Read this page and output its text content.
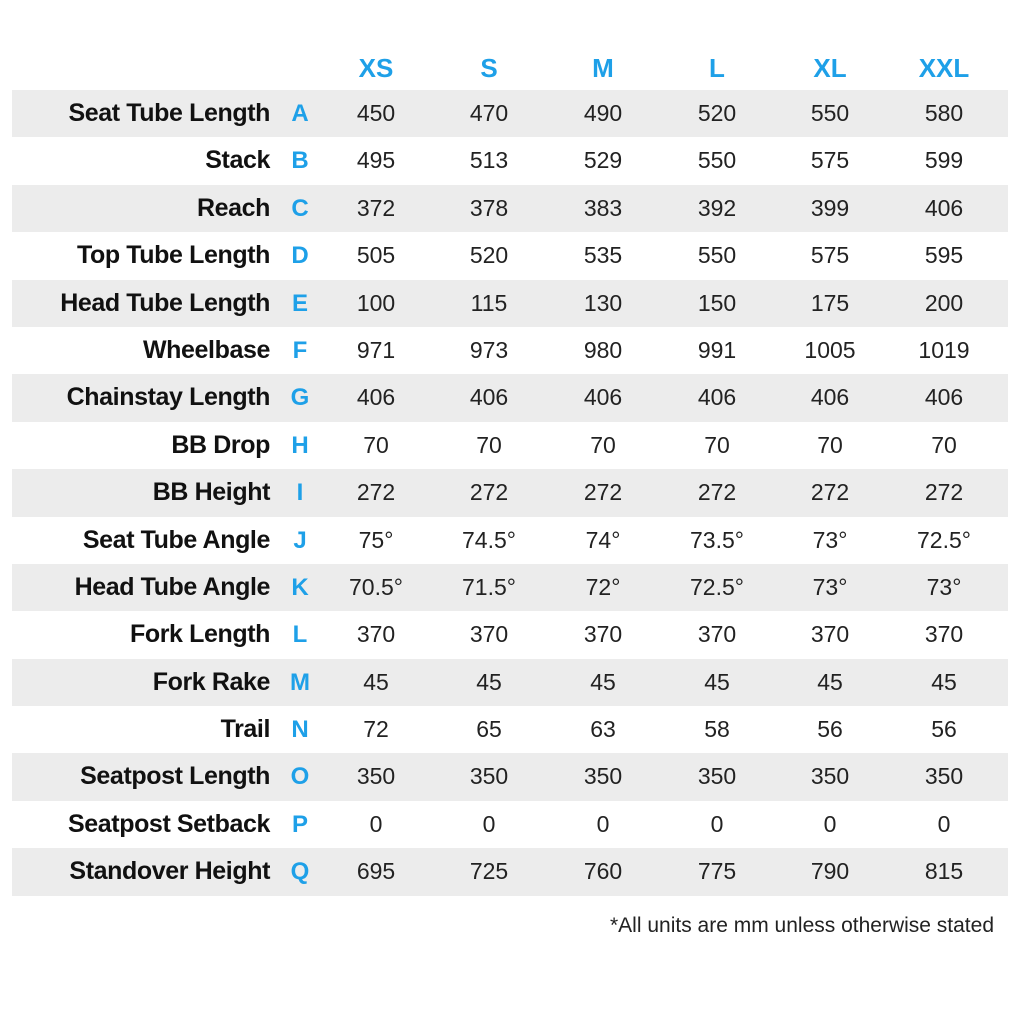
XS	S	M	L	XL	XXL
Seat Tube Length A	450	470	490	520	550	580
Stack B	495	513	529	550	575	599
Reach C	372	378	383	392	399	406
Top Tube Length D	505	520	535	550	575	595
Head Tube Length E	100	115	130	150	175	200
Wheelbase F	971	973	980	991	1005	1019
Chainstay Length G	406	406	406	406	406	406
BB Drop H	70	70	70	70	70	70
BB Height	I	272	272	272	272	272	272
Seat Tube Angle J	75°	74.5°	74°	73.5°	73°	72.5°
Head Tube Angle K	70.5°	71.5°	72°	72.5°	73°	73°
Fork Length L	370	370	370	370	370	370
Fork Rake M	45	45	45	45	45	45
Trail N	72	65	63	58	56	56
Seatpost Length O	350	350	350	350	350	350
Seatpost Setback P	0	0	0	0	0	0
Standover Height Q	695	725	760	775	790	815
*All units are mm unless otherwise stated
